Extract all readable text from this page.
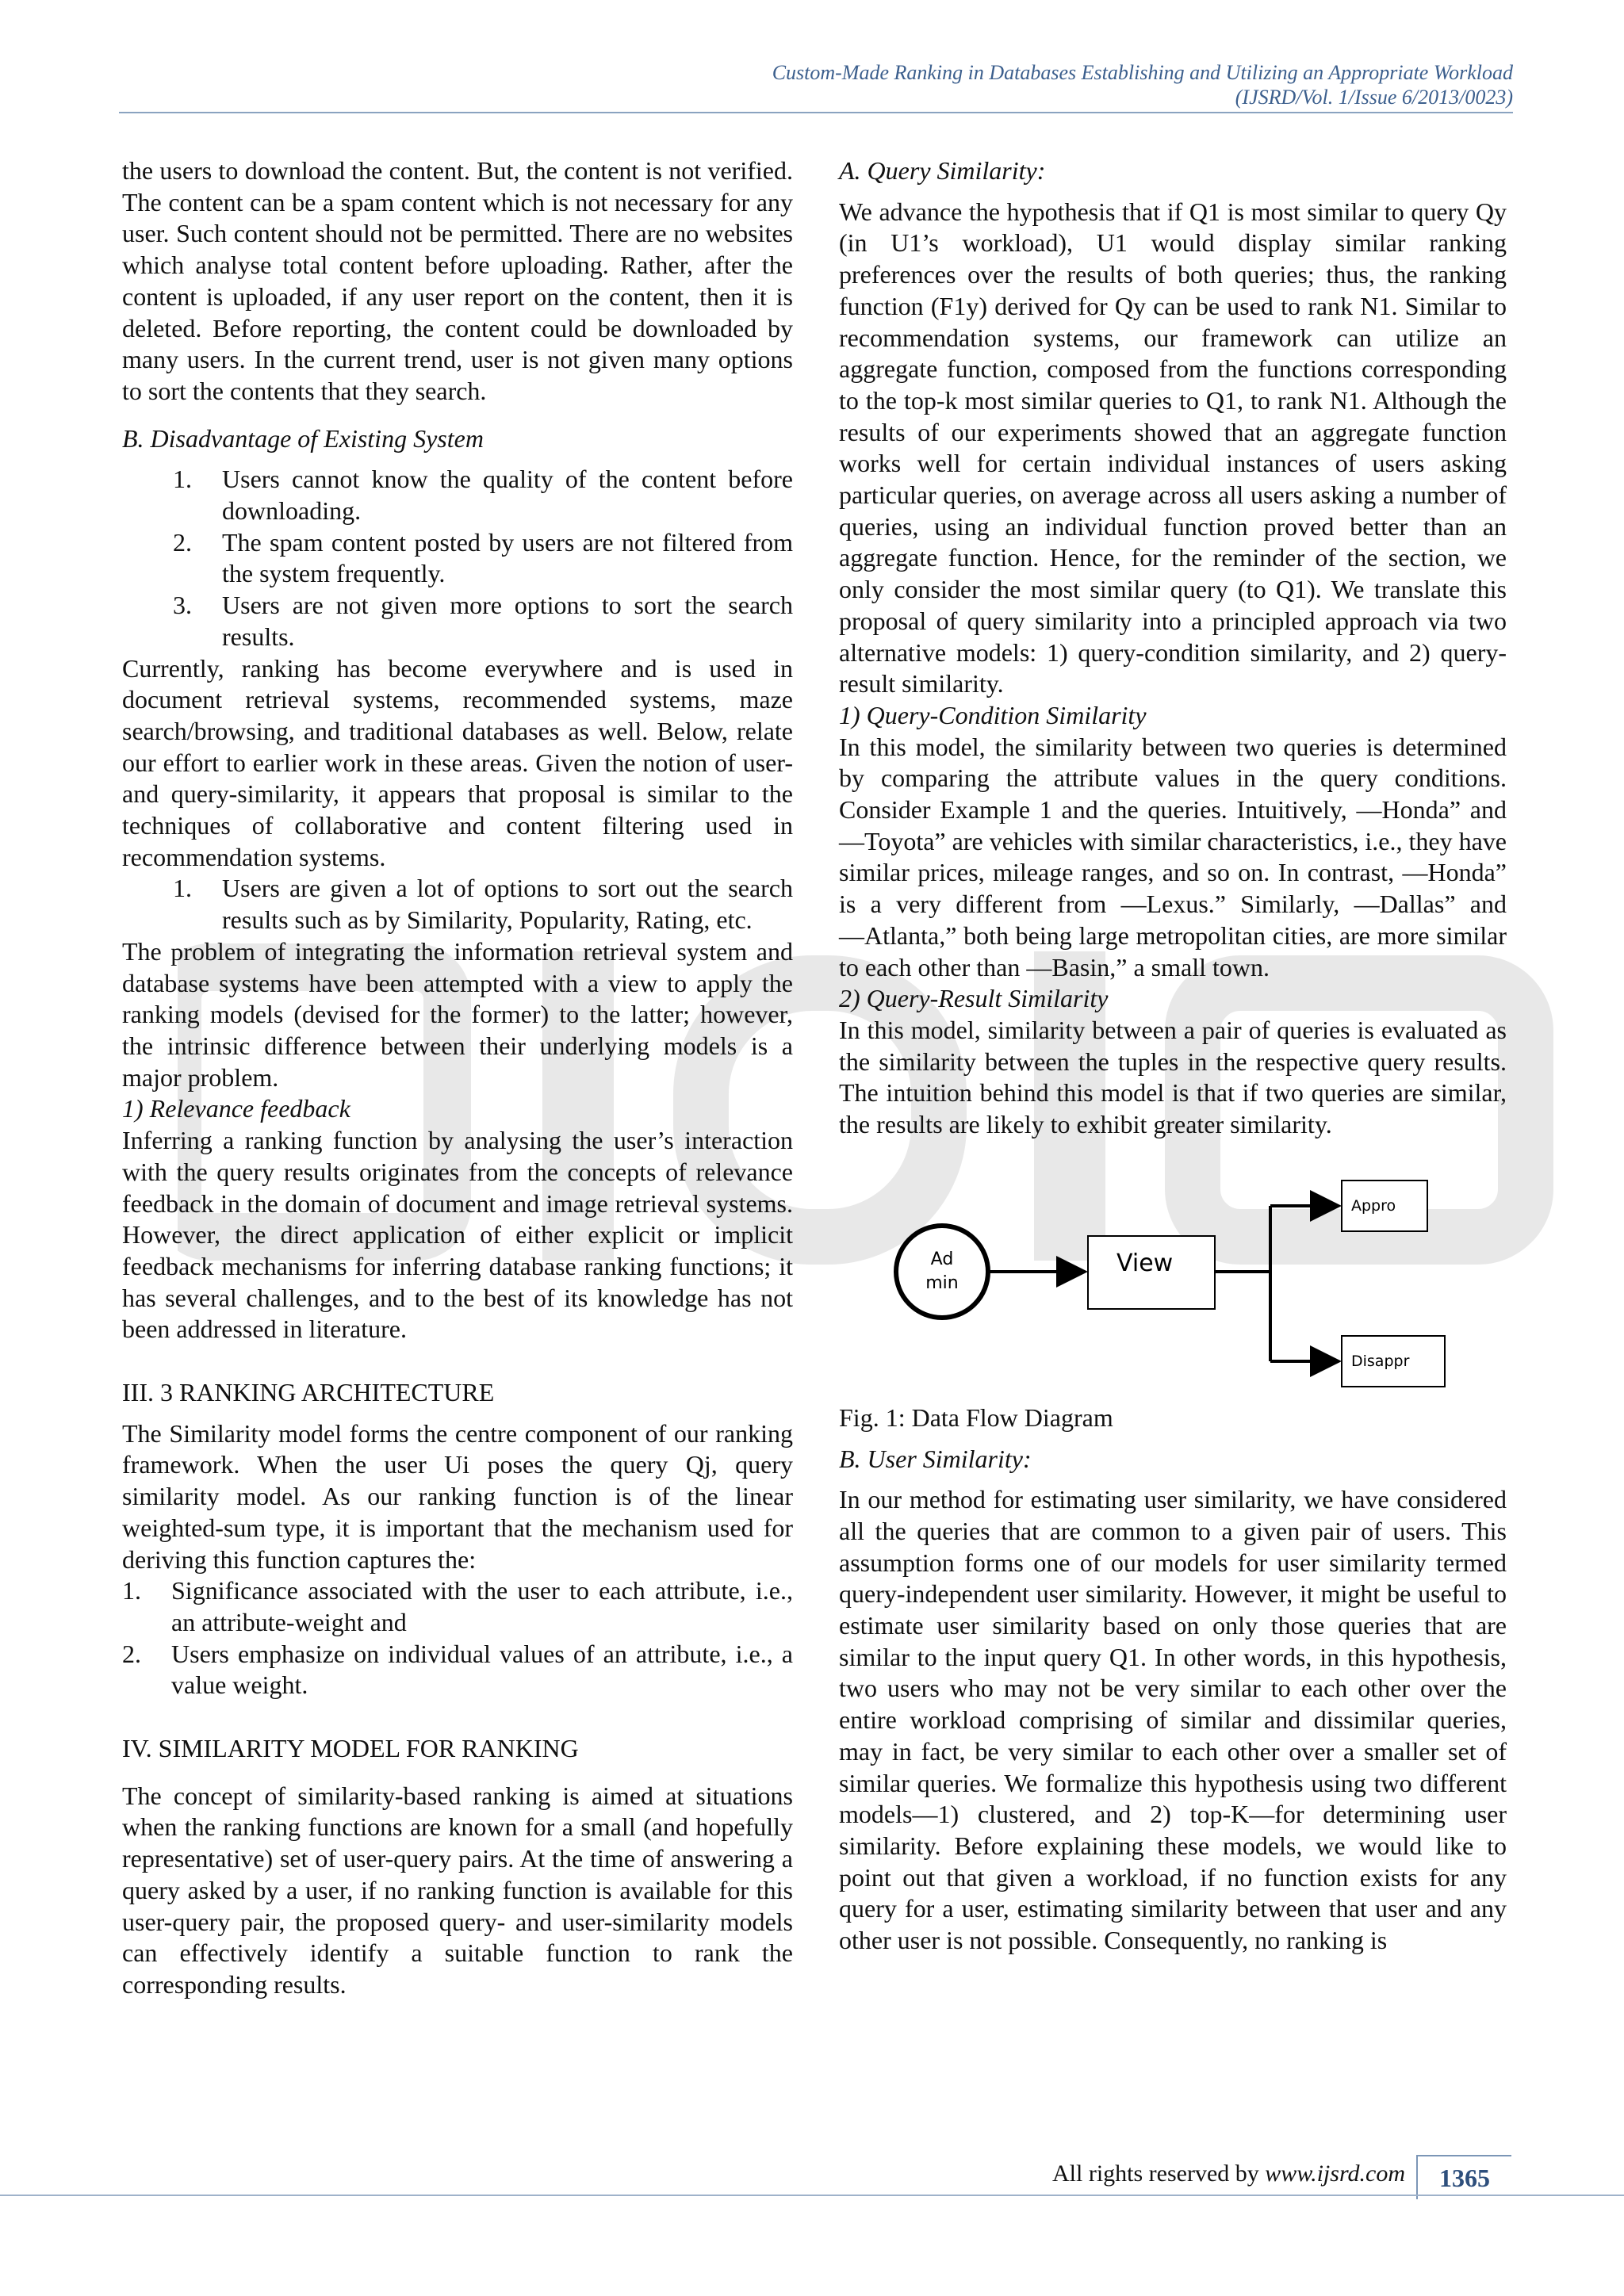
Custom-Made Ranking in Databases Establishing and Utilizing an Appropriate Workload
(IJSRD/Vol. 1/Issue 6/2013/0023)

the users to download the content. But, the content is not verified. The content can be a spam content which is not necessary for any user. Such content should not be permitted. There are no websites which analyse total content before uploading. Rather, after the content is uploaded, if any user report on the content, then it is deleted. Before reporting, the content could be downloaded by many users. In the current trend, user is not given many options to sort the contents that they search.

B. Disadvantage of Existing System

1. Users cannot know the quality of the content before downloading.
2. The spam content posted by users are not filtered from the system frequently.
3. Users are not given more options to sort the search results.

Currently, ranking has become everywhere and is used in document retrieval systems, recommended systems, maze search/browsing, and traditional databases as well. Below, relate our effort to earlier work in these areas. Given the notion of user- and query-similarity, it appears that proposal is similar to the techniques of collaborative and content filtering used in recommendation systems.

1. Users are given a lot of options to sort out the search results such as by Similarity, Popularity, Rating, etc.

The problem of integrating the information retrieval system and database systems have been attempted with a view to apply the ranking models (devised for the former) to the latter; however, the intrinsic difference between their underlying models is a major problem.

1) Relevance feedback

Inferring a ranking function by analysing the user’s interaction with the query results originates from the concepts of relevance feedback in the domain of document and image retrieval systems. However, the direct application of either explicit or implicit feedback mechanisms for inferring database ranking functions; it has several challenges, and to the best of its knowledge has not been addressed in literature.

III. 3 RANKING ARCHITECTURE

The Similarity model forms the centre component of our ranking framework. When the user Ui poses the query Qj, query similarity model. As our ranking function is of the linear weighted-sum type, it is important that the mechanism used for deriving this function captures the:

1. Significance associated with the user to each attribute, i.e., an attribute-weight and
2. Users emphasize on individual values of an attribute, i.e., a value weight.

IV. SIMILARITY MODEL FOR RANKING

The concept of similarity-based ranking is aimed at situations when the ranking functions are known for a small (and hopefully representative) set of user-query pairs. At the time of answering a query asked by a user, if no ranking function is available for this user-query pair, the proposed query- and user-similarity models can effectively identify a suitable function to rank the corresponding results.

A. Query Similarity:

We advance the hypothesis that if Q1 is most similar to query Qy (in U1’s workload), U1 would display similar ranking preferences over the results of both queries; thus, the ranking function (F1y) derived for Qy can be used to rank N1. Similar to recommendation systems, our framework can utilize an aggregate function, composed from the functions corresponding to the top-k most similar queries to Q1, to rank N1. Although the results of our experiments showed that an aggregate function works well for certain individual instances of users asking particular queries, on average across all users asking a number of queries, using an individual function proved better than an aggregate function. Hence, for the reminder of the section, we only consider the most similar query (to Q1). We translate this proposal of query similarity into a principled approach via two alternative models: 1) query-condition similarity, and 2) query-result similarity.

1) Query-Condition Similarity

In this model, the similarity between two queries is determined by comparing the attribute values in the query conditions. Consider Example 1 and the queries. Intuitively, ―Honda” and ―Toyota” are vehicles with similar characteristics, i.e., they have similar prices, mileage ranges, and so on. In contrast, ―Honda” is a very different from ―Lexus.” Similarly, ―Dallas” and ―Atlanta,” both being large metropolitan cities, are more similar to each other than ―Basin,” a small town.

2) Query-Result Similarity

In this model, similarity between a pair of queries is evaluated as the similarity between the tuples in the respective query results. The intuition behind this model is that if two queries are similar, the results are likely to exhibit greater similarity.

Ad
min
View
Appro
Disappr

Fig. 1: Data Flow Diagram

B. User Similarity:

In our method for estimating user similarity, we have considered all the queries that are common to a given pair of users. This assumption forms one of our models for user similarity termed query-independent user similarity. However, it might be useful to estimate user similarity based on only those queries that are similar to the input query Q1. In other words, in this hypothesis, two users who may not be very similar to each other over the entire workload comprising of similar and dissimilar queries, may in fact, be very similar to each other over a smaller set of similar queries. We formalize this hypothesis using two different models—1) clustered, and 2) top-K—for determining user similarity. Before explaining these models, we would like to point out that given a workload, if no function exists for any query for a user, estimating similarity between that user and any other user is not possible. Consequently, no ranking is

All rights reserved by www.ijsrd.com	1365
